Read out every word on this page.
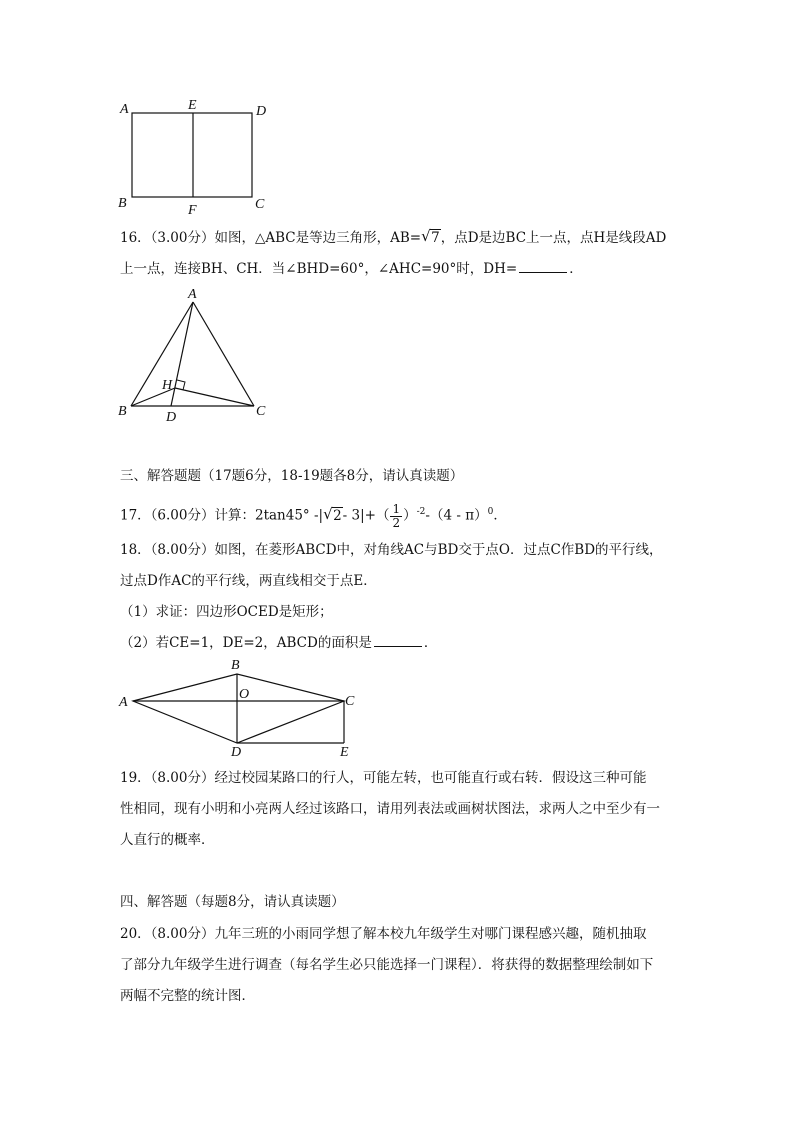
A	E	D
B	F	C
16．（3.00分）如图，△ABC是等边三角形，AB= √ 7，点D是边BC上一点，点H是线段AD
上一点，连接BH、CH．当∠BHD=60°，∠AHC=90°时，DH=	．
A
H
B	D	C
三、解答题题（17题6分，18-19题各8分，请认真读题）
17．（6.00分）计算：2tan45° -| √ 2- $3|+( \frac{1}{2} )^{-2}-(4 - \pi)^0$．
18．（8.00分）如图，在菱形ABCD中，对角线AC与BD交于点O．过点C作BD的平行线，
过点D作AC的平行线，两直线相交于点E．
（1）求证：四边形OCED是矩形；
（2）若CE=1，DE=2，ABCD的面积是	．
A
B
O	C
D	E
19．（8.00分）经过校园某路口的行人，可能左转，也可能直行或右转．假设这三种可能
性相同，现有小明和小亮两人经过该路口，请用列表法或画树状图法，求两人之中至少有一
人直行的概率．
四、解答题（每题8分，请认真读题）
20．（8.00分）九年三班的小雨同学想了解本校九年级学生对哪门课程感兴趣，随机抽取
了部分九年级学生进行调查（每名学生必只能选择一门课程）．将获得的数据整理绘制如下
两幅不完整的统计图．
